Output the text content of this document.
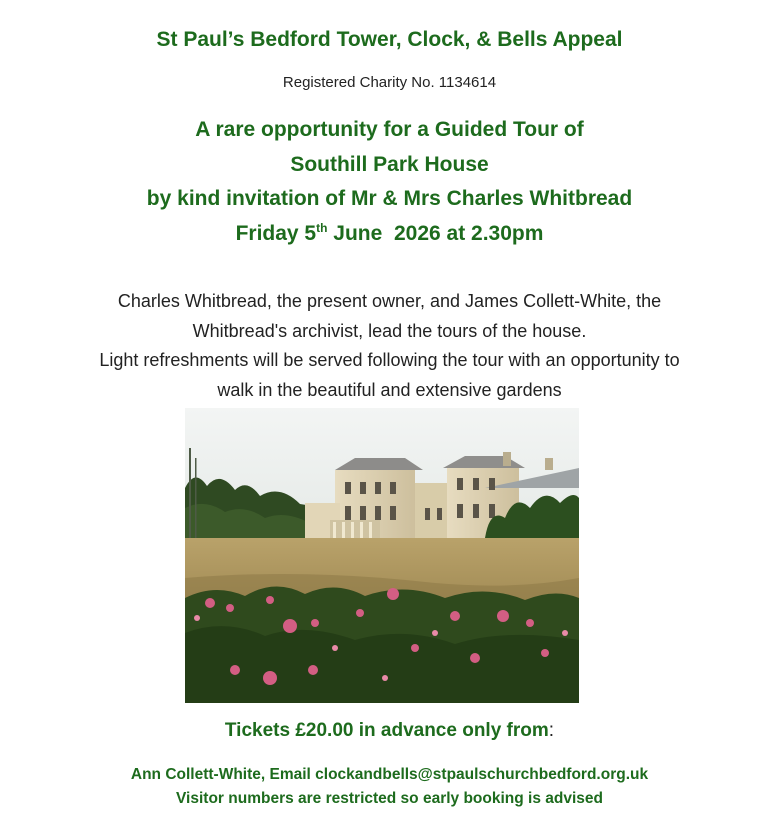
St Paul’s Bedford Tower, Clock, & Bells Appeal
Registered Charity No. 1134614
A rare opportunity for a Guided Tour of
Southill Park House
by kind invitation of Mr & Mrs Charles Whitbread
Friday 5th June  2026 at 2.30pm
Charles Whitbread, the present owner, and James Collett-White, the
Whitbread's archivist, lead the tours of the house.
Light refreshments will be served following the tour with an opportunity to
walk in the beautiful and extensive gardens
Tickets £20.00 in advance only from:
Ann Collett-White, Email clockandbells@stpaulschurchbedford.org.uk
Visitor numbers are restricted so early booking is advised
